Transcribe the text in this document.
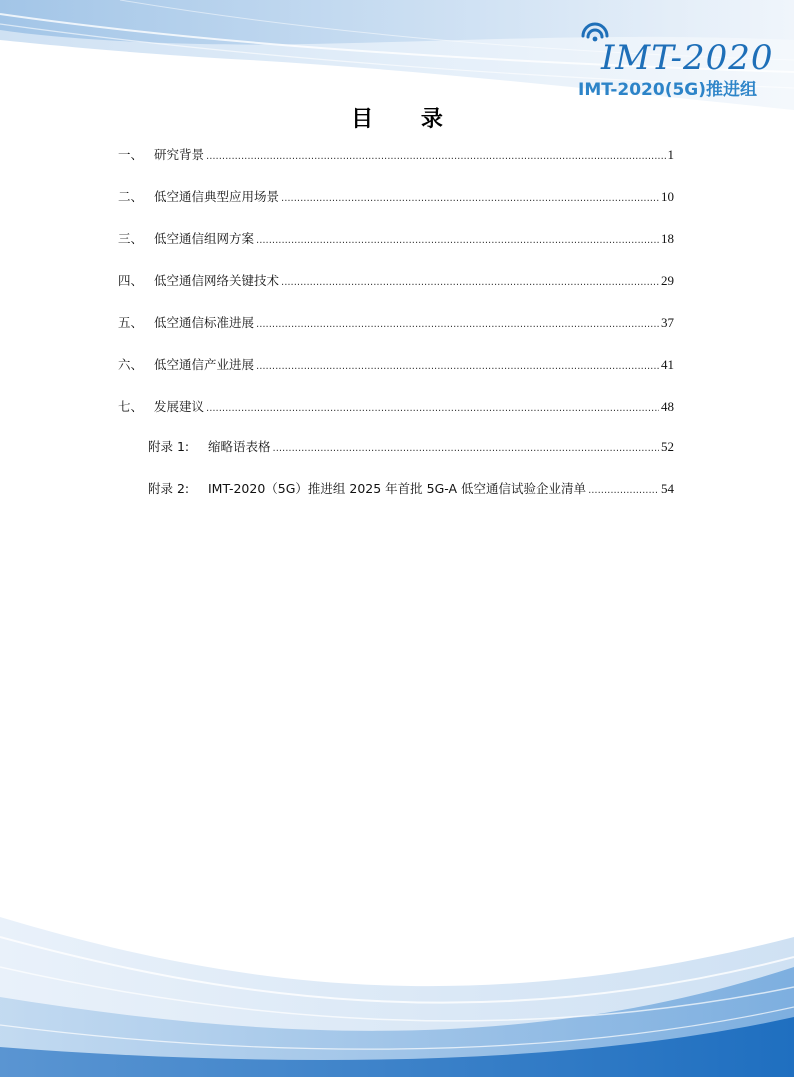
IMT-2020
IMT-2020(5G)推进组
目 录
一、 研究背景 .....	1
二、 低空通信典型应用场景 .....	10
三、 低空通信组网方案 .....	18
四、 低空通信网络关键技术 .....	29
五、 低空通信标准进展 .....	37
六、 低空通信产业进展 .....	41
七、 发展建议 .....	48
附录 1:	缩略语表格 .....	52
附录 2:	IMT-2020（5G）推进组 2025 年首批 5G-A 低空通信试验企业清单 .....	54
